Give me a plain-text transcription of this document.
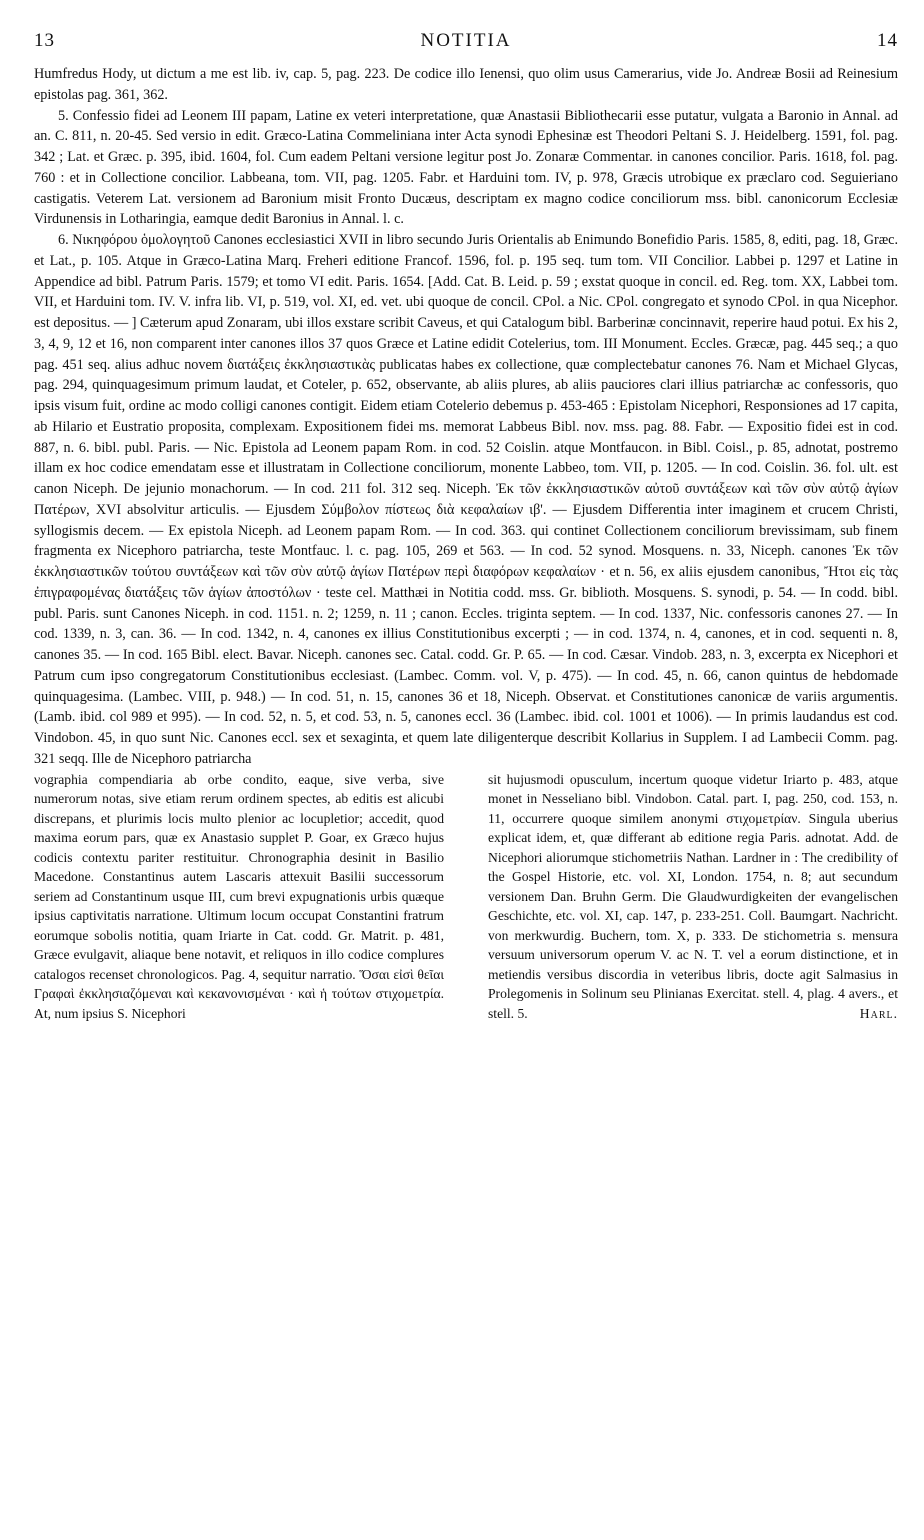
13	NOTITIA	14

Humfredus Hody, ut dictum a me est lib. iv, cap. 5, pag. 223. De codice illo Ienensi, quo olim usus Camerarius, vide Jo. Andreæ Bosii ad Reinesium epistolas pag. 361, 362.

5. Confessio fidei ad Leonem III papam, Latine ex veteri interpretatione, quæ Anastasii Bibliothecarii esse putatur, vulgata a Baronio in Annal. ad an. C. 811, n. 20-45. Sed versio in edit. Græco-Latina Commeliniana inter Acta synodi Ephesinæ est Theodori Peltani S. J. Heidelberg. 1591, fol. pag. 342 ; Lat. et Græc. p. 395, ibid. 1604, fol. Cum eadem Peltani versione legitur post Jo. Zonaræ Commentar. in canones concilior. Paris. 1618, fol. pag. 760 : et in Collectione concilior. Labbeana, tom. VII, pag. 1205. Fabr. et Harduini tom. IV, p. 978, Græcis utrobique ex præclaro cod. Seguieriano castigatis. Veterem Lat. versionem ad Baronium misit Fronto Ducæus, descriptam ex magno codice conciliorum mss. bibl. canonicorum Ecclesiæ Virdunensis in Lotharingia, eamque dedit Baronius in Annal. l. c.

6. Νικηφόρου ὁμολογητοῦ Canones ecclesiastici XVII in libro secundo Juris Orientalis ab Enimundo Bonefidio Paris. 1585, 8, editi, pag. 18, Græc. et Lat., p. 105. Atque in Græco-Latina Marq. Freheri editione Francof. 1596, fol. p. 195 seq. tum tom. VII Concilior. Labbei p. 1297 et Latine in Appendice ad bibl. Patrum Paris. 1579; et tomo VI edit. Paris. 1654. [Add. Cat. B. Leid. p. 59 ; exstat quoque in concil. ed. Reg. tom. XX, Labbei tom. VII, et Harduini tom. IV. V. infra lib. VI, p. 519, vol. XI, ed. vet. ubi quoque de concil. CPol. a Nic. CPol. congregato et synodo CPol. in qua Nicephor. est depositus. — ] Cæterum apud Zonaram, ubi illos exstare scribit Caveus, et qui Catalogum bibl. Barberinæ concinnavit, reperire haud potui. Ex his 2, 3, 4, 9, 12 et 16, non comparent inter canones illos 37 quos Græce et Latine edidit Cotelerius, tom. III Monument. Eccles. Græcæ, pag. 445 seq.; a quo pag. 451 seq. alius adhuc novem διατάξεις ἐκκλησιαστικὰς publicatas habes ex collectione, quæ complectebatur canones 76. Nam et Michael Glycas, pag. 294, quinquagesimum primum laudat, et Coteler, p. 652, observante, ab aliis plures, ab aliis pauciores clari illius patriarchæ ac confessoris, quo ipsis visum fuit, ordine ac modo colligi canones contigit. Eidem etiam Cotelerio debemus p. 453-465 : Epistolam Nicephori, Responsiones ad 17 capita, ab Hilario et Eustratio proposita, complexam. Expositionem fidei ms. memorat Labbeus Bibl. nov. mss. pag. 88. Fabr. — Expositio fidei est in cod. 887, n. 6. bibl. publ. Paris. — Nic. Epistola ad Leonem papam Rom. in cod. 52 Coislin. atque Montfaucon. in Bibl. Coisl., p. 85, adnotat, postremo illam ex hoc codice emendatam esse et illustratam in Collectione conciliorum, monente Labbeo, tom. VII, p. 1205. — In cod. Coislin. 36. fol. ult. est canon Niceph. De jejunio monachorum. — In cod. 211 fol. 312 seq. Niceph. Ἐκ τῶν ἐκκλησιαστικῶν αὐτοῦ συντάξεων καὶ τῶν σὺν αὐτῷ ἁγίων Πατέρων, XVI absolvitur articulis. — Ejusdem Σύμβολον πίστεως διὰ κεφαλαίων ιβ'. — Ejusdem Differentia inter imaginem et crucem Christi, syllogismis decem. — Ex epistola Niceph. ad Leonem papam Rom. — In cod. 363. qui continet Collectionem conciliorum brevissimam, sub finem fragmenta ex Nicephoro patriarcha, teste Montfauc. l. c. pag. 105, 269 et 563. — In cod. 52 synod. Mosquens. n. 33, Niceph. canones Ἐκ τῶν ἐκκλησιαστικῶν τούτου συντάξεων καὶ τῶν σὺν αὐτῷ ἁγίων Πατέρων περὶ διαφόρων κεφαλαίων · et n. 56, ex aliis ejusdem canonibus, Ἤτοι εἰς τὰς ἐπιγραφομένας διατάξεις τῶν ἁγίων ἀποστόλων · teste cel. Matthæi in Notitia codd. mss. Gr. biblioth. Mosquens. S. synodi, p. 54. — In codd. bibl. publ. Paris. sunt Canones Niceph. in cod. 1151. n. 2; 1259, n. 11 ; canon. Eccles. triginta septem. — In cod. 1337, Nic. confessoris canones 27. — In cod. 1339, n. 3, can. 36. — In cod. 1342, n. 4, canones ex illius Constitutionibus excerpti ; — in cod. 1374, n. 4, canones, et in cod. sequenti n. 8, canones 35. — In cod. 165 Bibl. elect. Bavar. Niceph. canones sec. Catal. codd. Gr. P. 65. — In cod. Cæsar. Vindob. 283, n. 3, excerpta ex Nicephori et Patrum cum ipso congregatorum Constitutionibus ecclesiast. (Lambec. Comm. vol. V, p. 475). — In cod. 45, n. 66, canon quintus de hebdomade quinquagesima. (Lambec. VIII, p. 948.) — In cod. 51, n. 15, canones 36 et 18, Niceph. Observat. et Constitutiones canonicæ de variis argumentis. (Lamb. ibid. col 989 et 995). — In cod. 52, n. 5, et cod. 53, n. 5, canones eccl. 36 (Lambec. ibid. col. 1001 et 1006). — In primis laudandus est cod. Vindobon. 45, in quo sunt Nic. Canones eccl. sex et sexaginta, et quem late diligenterque describit Kollarius in Supplem. I ad Lambecii Comm. pag. 321 seqq. Ille de Nicephoro patriarcha

νographia compendiaria ab orbe condito, eaque, sive verba, sive numerorum notas, sive etiam rerum ordinem spectes, ab editis est alicubi discrepans, et plurimis locis multo plenior ac locupletior; accedit, quod maxima eorum pars, quæ ex Anastasio supplet P. Goar, ex Græco hujus codicis contextu pariter restituitur. Chronographia desinit in Basilio Macedone. Constantinus autem Lascaris attexuit Basilii successorum seriem ad Constantinum usque III, cum brevi expugnationis urbis quæque ipsius captivitatis narratione. Ultimum locum occupat Constantini fratrum eorumque sobolis notitia, quam Iriarte in Cat. codd. Gr. Matrit. p. 481, Græce evulgavit, aliaque bene notavit, et reliquos in illo codice complures catalogos recenset chronologicos. Pag. 4, sequitur narratio. Ὅσαι εἰσὶ θεῖαι Γραφαὶ ἐκκλησιαζόμεναι καὶ κεκανονισμέναι · καὶ ἡ τούτων στιχομετρία. At, num ipsius S. Nicephori

sit hujusmodi opusculum, incertum quoque videtur Iriarto p. 483, atque monet in Nesseliano bibl. Vindobon. Catal. part. I, pag. 250, cod. 153, n. 11, occurrere quoque similem anonymi στιχομετρίαν. Singula uberius explicat idem, et, quæ differant ab editione regia Paris. adnotat. Add. de Nicephori aliorumque stichometriis Nathan. Lardner in : The credibility of the Gospel Historie, etc. vol. XI, London. 1754, n. 8; aut secundum versionem Dan. Bruhn Germ. Die Glaudwurdigkeiten der evangelischen Geschichte, etc. vol. XI, cap. 147, p. 233-251. Coll. Baumgart. Nachricht. von merkwurdig. Buchern, tom. X, p. 333. De stichometria s. mensura versuum universorum operum V. ac N. T. vel a eorum distinctione, et in metiendis versibus discordia in veteribus libris, docte agit Salmasius in Prolegomenis in Solinum seu Plinianas Exercitat. stell. 4, plag. 4 avers., et stell. 5.	Harl.
